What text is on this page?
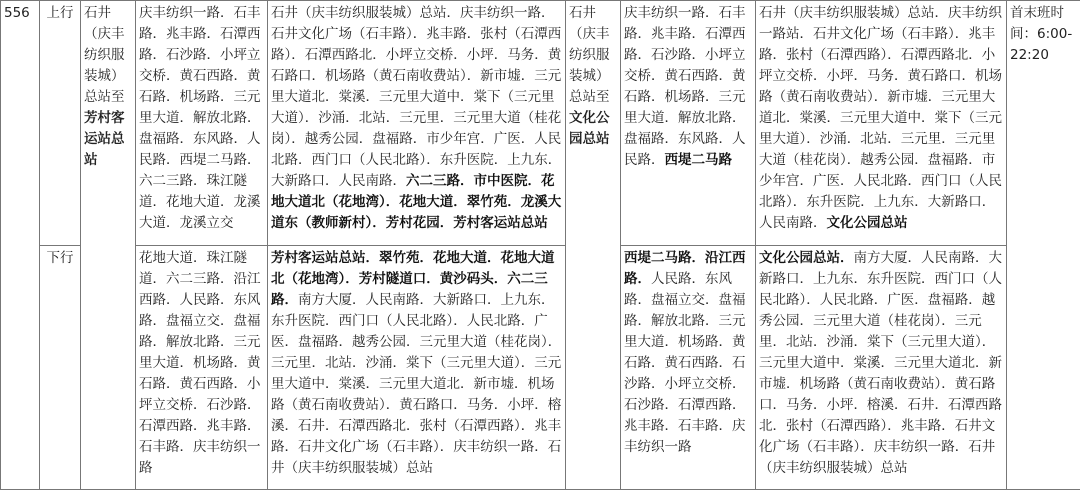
556	上行	石井（庆丰纺织服装城）总站至芳村客运站总站	庆丰纺织一路．石丰路．兆丰路．石潭西路．石沙路．小坪立交桥．黄石西路．黄石路．机场路．三元里大道．解放北路．盘福路．东风路．人民路．西堤二马路．六二三路．珠江隧道．花地大道．龙溪大道．龙溪立交	石井（庆丰纺织服装城）总站．庆丰纺织一路．石井文化广场（石丰路）．兆丰路．张村（石潭西路）．石潭西路北．小坪立交桥．小坪．马务．黄石路口．机场路（黄石南收费站）．新市墟．三元里大道北．棠溪．三元里大道中．棠下（三元里大道）．沙涌．北站．三元里．三元里大道（桂花岗）．越秀公园．盘福路．市少年宫．广医．人民北路．西门口（人民北路）．东升医院．上九东．大新路口．人民南路．六二三路．市中医院．花地大道北（花地湾）．花地大道．翠竹苑．龙溪大道东（教师新村）．芳村花园．芳村客运站总站	石井（庆丰纺织服装城）总站至文化公园总站	庆丰纺织一路．石丰路．兆丰路．石潭西路．石沙路．小坪立交桥．黄石西路．黄石路．机场路．三元里大道．解放北路．盘福路．东风路．人民路．西堤二马路	石井（庆丰纺织服装城）总站．庆丰纺织一路站．石井文化广场（石丰路）．兆丰路．张村（石潭西路）．石潭西路北．小坪立交桥．小坪．马务．黄石路口．机场路（黄石南收费站）．新市墟．三元里大道北．棠溪．三元里大道中．棠下（三元里大道）．沙涌．北站．三元里．三元里大道（桂花岗）．越秀公园．盘福路．市少年宫．广医．人民北路．西门口（人民北路）．东升医院．上九东．大新路口．人民南路．文化公园总站	首末班时间：6:00-22:20
	下行		花地大道．珠江隧道．六二三路．沿江西路．人民路．东风路．盘福立交．盘福路．解放北路．三元里大道．机场路．黄石路．黄石西路．小坪立交桥．石沙路．石潭西路．兆丰路．石丰路．庆丰纺织一路	芳村客运站总站．翠竹苑．花地大道．花地大道北（花地湾）．芳村隧道口．黄沙码头．六二三路．南方大厦．人民南路．大新路口．上九东．东升医院．西门口（人民北路）．人民北路．广医．盘福路．越秀公园．三元里大道（桂花岗）．三元里．北站．沙涌．棠下（三元里大道）．三元里大道中．棠溪．三元里大道北．新市墟．机场路（黄石南收费站）．黄石路口．马务．小坪．榕溪．石井．石潭西路北．张村（石潭西路）．兆丰路．石井文化广场（石丰路）．庆丰纺织一路．石井（庆丰纺织服装城）总站		西堤二马路．沿江西路．人民路．东风路．盘福立交．盘福路．解放北路．三元里大道．机场路．黄石路．黄石西路．石沙路．小坪立交桥．石沙路．石潭西路．兆丰路．石丰路．庆丰纺织一路	文化公园总站．南方大厦．人民南路．大新路口．上九东．东升医院．西门口（人民北路）．人民北路．广医．盘福路．越秀公园．三元里大道（桂花岗）．三元里．北站．沙涌．棠下（三元里大道）．三元里大道中．棠溪．三元里大道北．新市墟．机场路（黄石南收费站）．黄石路口．马务．小坪．榕溪．石井．石潭西路北．张村（石潭西路）．兆丰路．石井文化广场（石丰路）．庆丰纺织一路．石井（庆丰纺织服装城）总站	
